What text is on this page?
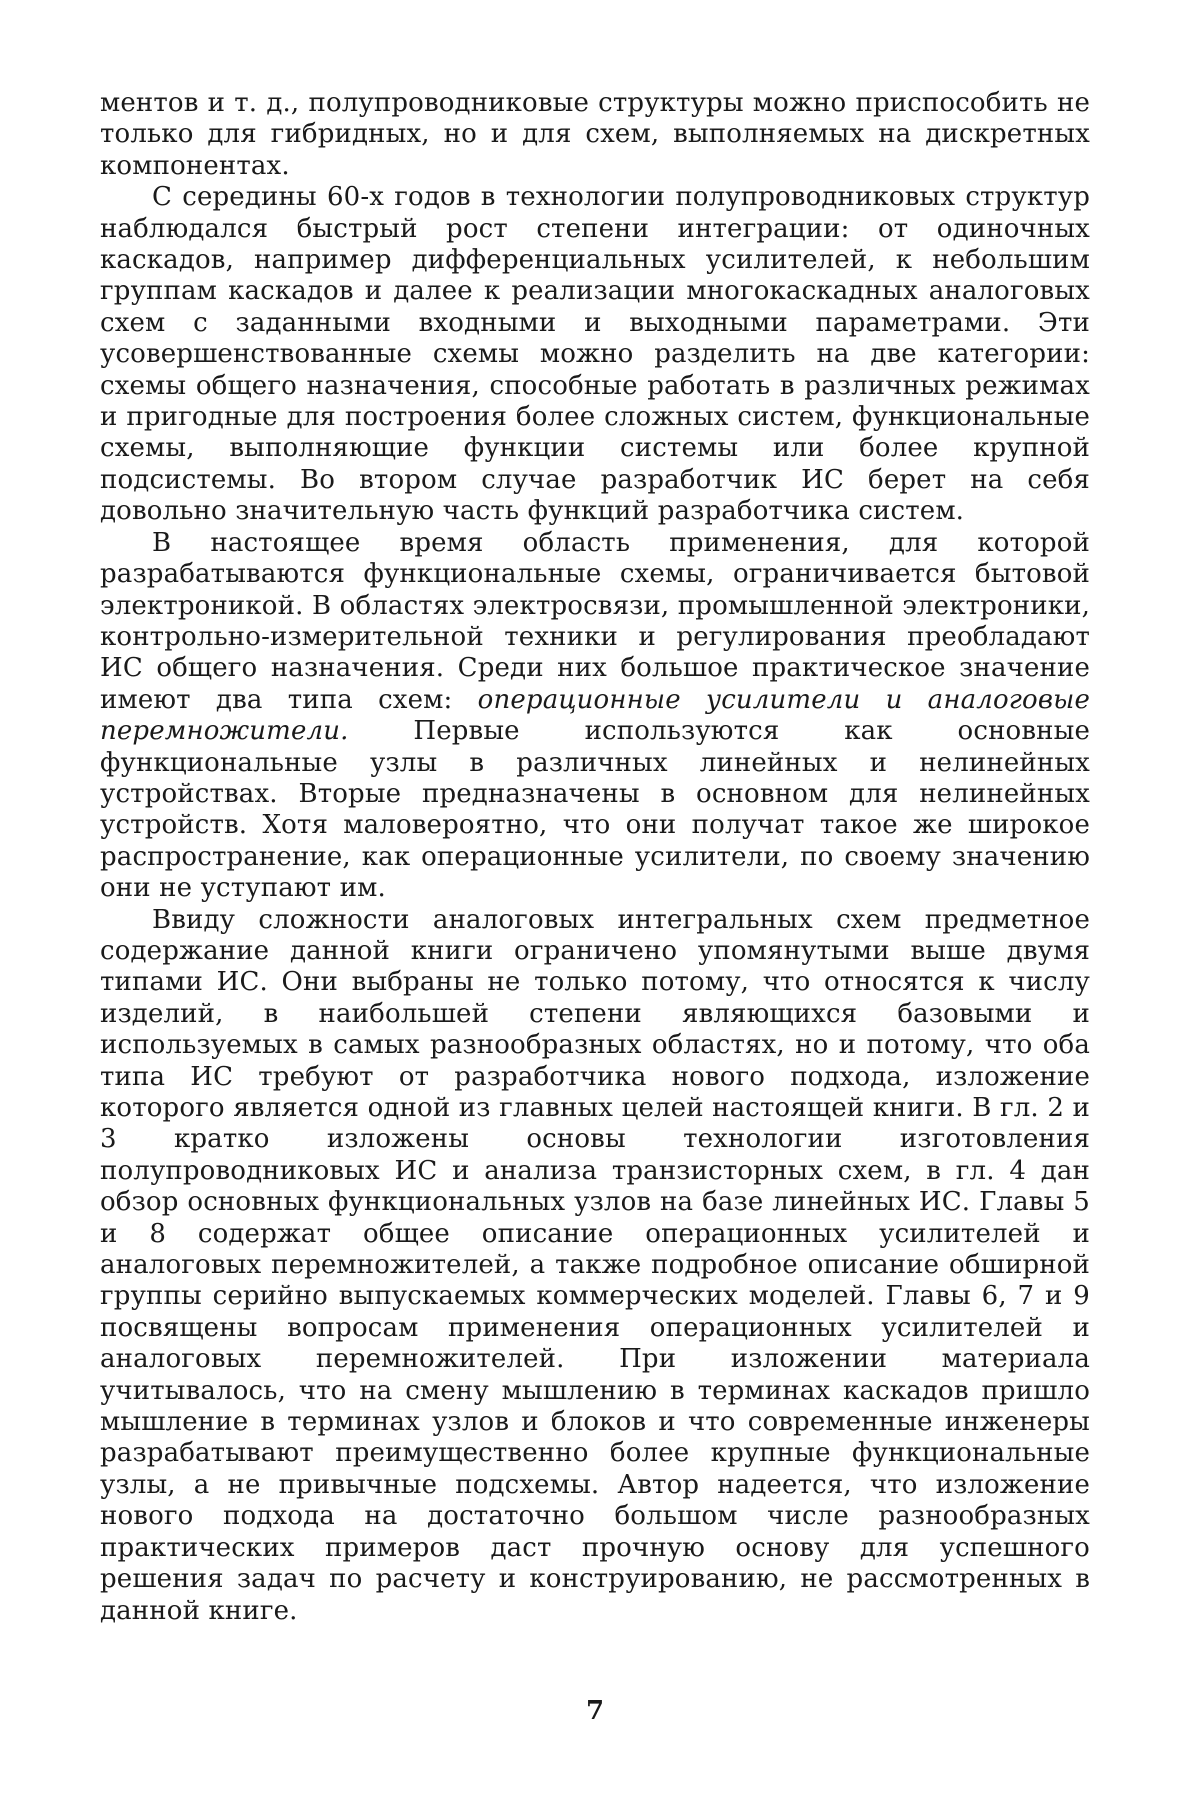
ментов и т. д., полупроводниковые структуры можно приспособить не только для гибридных, но и для схем, выполняемых на дискретных компонентах.

С середины 60-х годов в технологии полупроводниковых структур наблюдался быстрый рост степени интеграции: от одиночных каскадов, например дифференциальных усилителей, к небольшим группам каскадов и далее к реализации многокаскадных аналоговых схем с заданными входными и выходными параметрами. Эти усовершенствованные схемы можно разделить на две категории: схемы общего назначения, способные работать в различных режимах и пригодные для построения более сложных систем, функциональные схемы, выполняющие функции системы или более крупной подсистемы. Во втором случае разработчик ИС берет на себя довольно значительную часть функций разработчика систем.

В настоящее время область применения, для которой разрабатываются функциональные схемы, ограничивается бытовой электроникой. В областях электросвязи, промышленной электроники, контрольно-измерительной техники и регулирования преобладают ИС общего назначения. Среди них большое практическое значение имеют два типа схем: операционные усилители и аналоговые перемножители. Первые используются как основные функциональные узлы в различных линейных и нелинейных устройствах. Вторые предназначены в основном для нелинейных устройств. Хотя маловероятно, что они получат такое же широкое распространение, как операционные усилители, по своему значению они не уступают им.

Ввиду сложности аналоговых интегральных схем предметное содержание данной книги ограничено упомянутыми выше двумя типами ИС. Они выбраны не только потому, что относятся к числу изделий, в наибольшей степени являющихся базовыми и используемых в самых разнообразных областях, но и потому, что оба типа ИС требуют от разработчика нового подхода, изложение которого является одной из главных целей настоящей книги. В гл. 2 и 3 кратко изложены основы технологии изготовления полупроводниковых ИС и анализа транзисторных схем, в гл. 4 дан обзор основных функциональных узлов на базе линейных ИС. Главы 5 и 8 содержат общее описание операционных усилителей и аналоговых перемножителей, а также подробное описание обширной группы серийно выпускаемых коммерческих моделей. Главы 6, 7 и 9 посвящены вопросам применения операционных усилителей и аналоговых перемножителей. При изложении материала учитывалось, что на смену мышлению в терминах каскадов пришло мышление в терминах узлов и блоков и что современные инженеры разрабатывают преимущественно более крупные функциональные узлы, а не привычные подсхемы. Автор надеется, что изложение нового подхода на достаточно большом числе разнообразных практических примеров даст прочную основу для успешного решения задач по расчету и конструированию, не рассмотренных в данной книге.

7
